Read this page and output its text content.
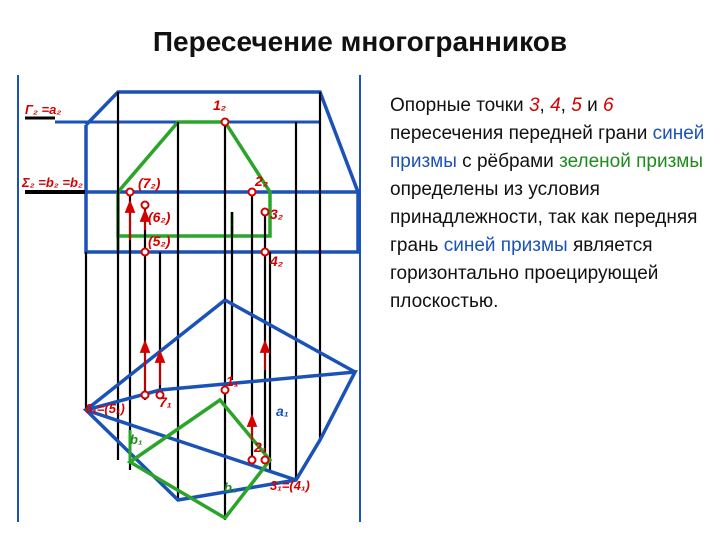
Пересечение многогранников
Г₂ =а₂
Σ₂ =b₂ =b₂
1₂
2₂
3₂
4₂
(7₂)
(6₂)
(5₂)
1₁
7₁
а₁
6₁=(5₁)
b₁	2₁
b₁	3₁=(4₁)
Опорные точки 3, 4, 5 и 6 пересечения передней грани синей призмы с рёбрами зеленой призмы определены из условия принадлежности, так как передняя грань синей призмы является горизонтально проецирующей плоскостью.
